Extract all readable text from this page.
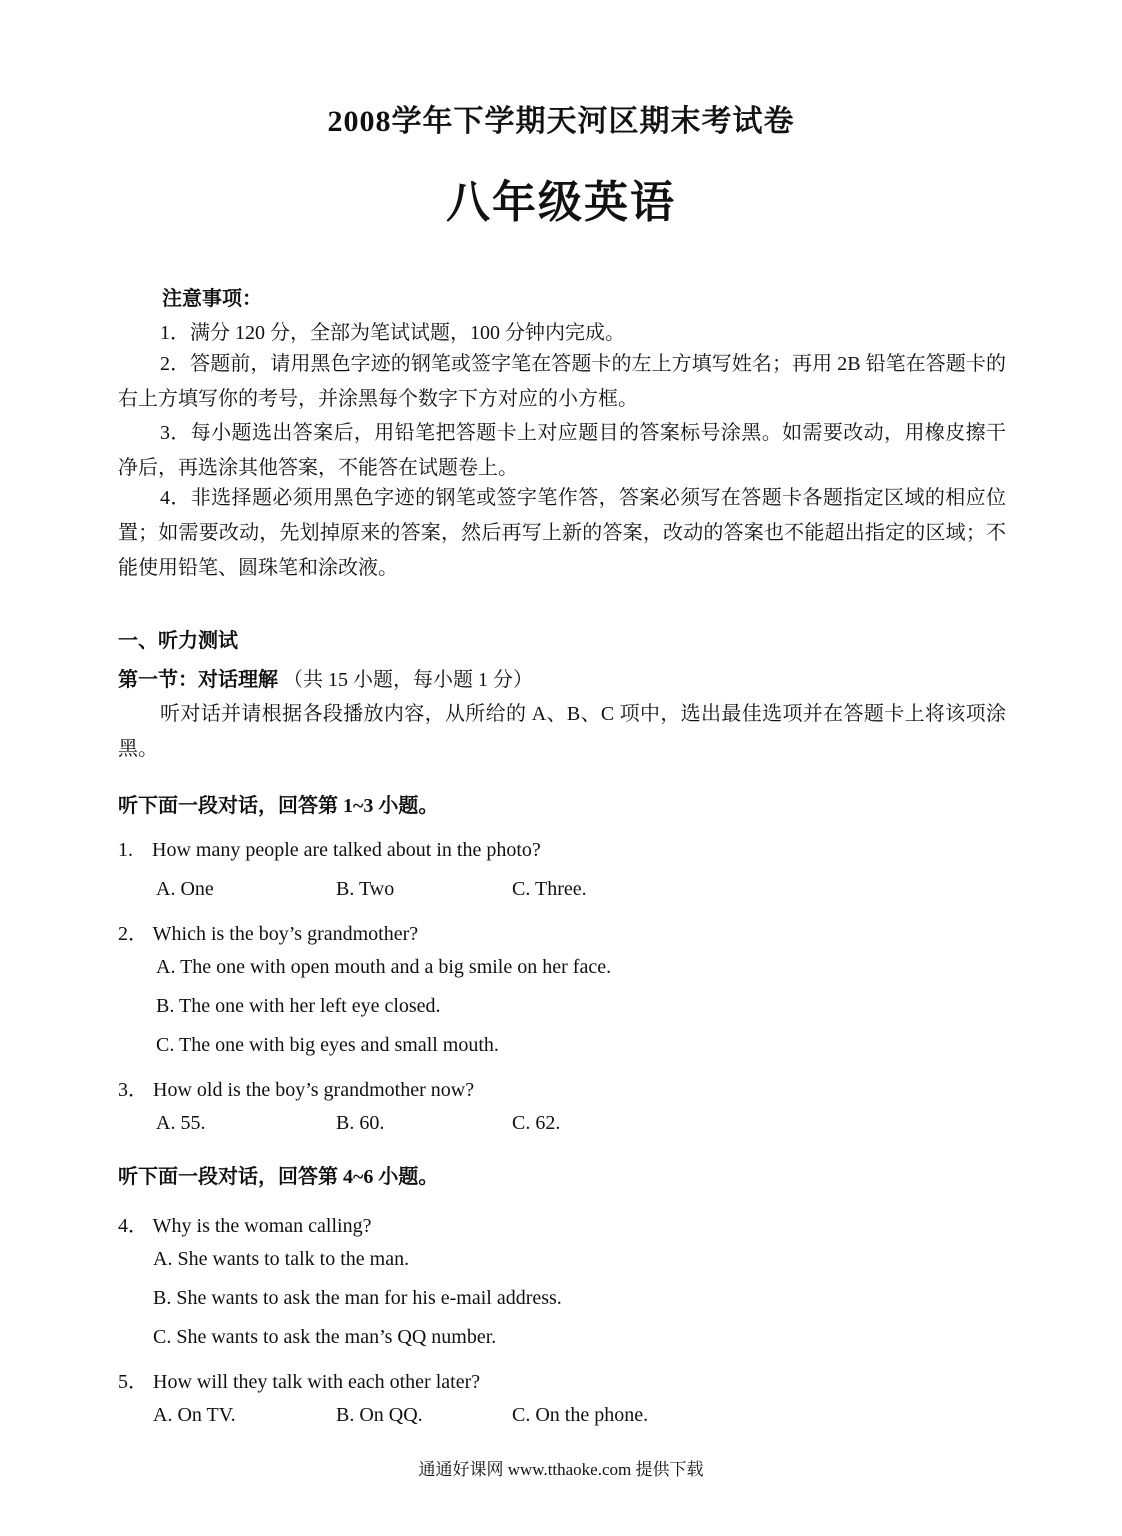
2008学年下学期天河区期末考试卷
八年级英语
注意事项：
1．满分 120 分，全部为笔试试题，100 分钟内完成。
2．答题前，请用黑色字迹的钢笔或签字笔在答题卡的左上方填写姓名；再用 2B 铅笔在答题卡的右上方填写你的考号，并涂黑每个数字下方对应的小方框。
3．每小题选出答案后，用铅笔把答题卡上对应题目的答案标号涂黑。如需要改动，用橡皮擦干净后，再选涂其他答案，不能答在试题卷上。
4．非选择题必须用黑色字迹的钢笔或签字笔作答，答案必须写在答题卡各题指定区域的相应位置；如需要改动，先划掉原来的答案，然后再写上新的答案，改动的答案也不能超出指定的区域；不能使用铅笔、圆珠笔和涂改液。
一、听力测试
第一节：对话理解 （共 15 小题，每小题 1 分）
听对话并请根据各段播放内容，从所给的 A、B、C 项中，选出最佳选项并在答题卡上将该项涂黑。
听下面一段对话，回答第 1~3 小题。
1. How many people are talked about in the photo?
A. One	B. Two	C. Three.
2． Which is the boy’s grandmother?
A. The one with open mouth and a big smile on her face.
B. The one with her left eye closed.
C. The one with big eyes and small mouth.
3． How old is the boy’s grandmother now?
A. 55.	B. 60.	C. 62.
听下面一段对话，回答第 4~6 小题。
4． Why is the woman calling?
A. She wants to talk to the man.
B. She wants to ask the man for his e-mail address.
C. She wants to ask the man’s QQ number.
5． How will they talk with each other later?
A. On TV.	B. On QQ.	C. On the phone.
通通好课网 www.tthaoke.com 提供下载
